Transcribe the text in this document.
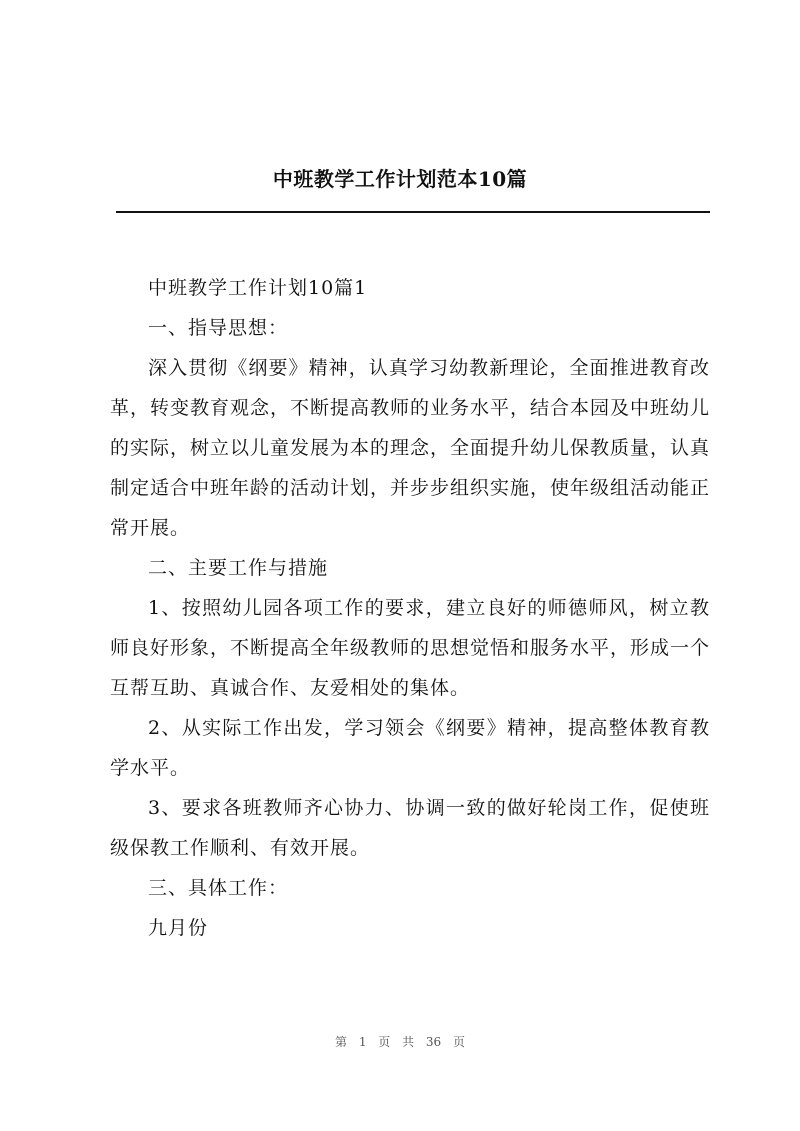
中班教学工作计划范本10篇

中班教学工作计划10篇1

一、指导思想：

深入贯彻《纲要》精神，认真学习幼教新理论，全面推进教育改革，转变教育观念，不断提高教师的业务水平，结合本园及中班幼儿的实际，树立以儿童发展为本的理念，全面提升幼儿保教质量，认真制定适合中班年龄的活动计划，并步步组织实施，使年级组活动能正常开展。

二、主要工作与措施

1、按照幼儿园各项工作的要求，建立良好的师德师风，树立教师良好形象，不断提高全年级教师的思想觉悟和服务水平，形成一个互帮互助、真诚合作、友爱相处的集体。

2、从实际工作出发，学习领会《纲要》精神，提高整体教育教学水平。

3、要求各班教师齐心协力、协调一致的做好轮岗工作，促使班级保教工作顺利、有效开展。

三、具体工作：

九月份

第 1 页 共 36 页
